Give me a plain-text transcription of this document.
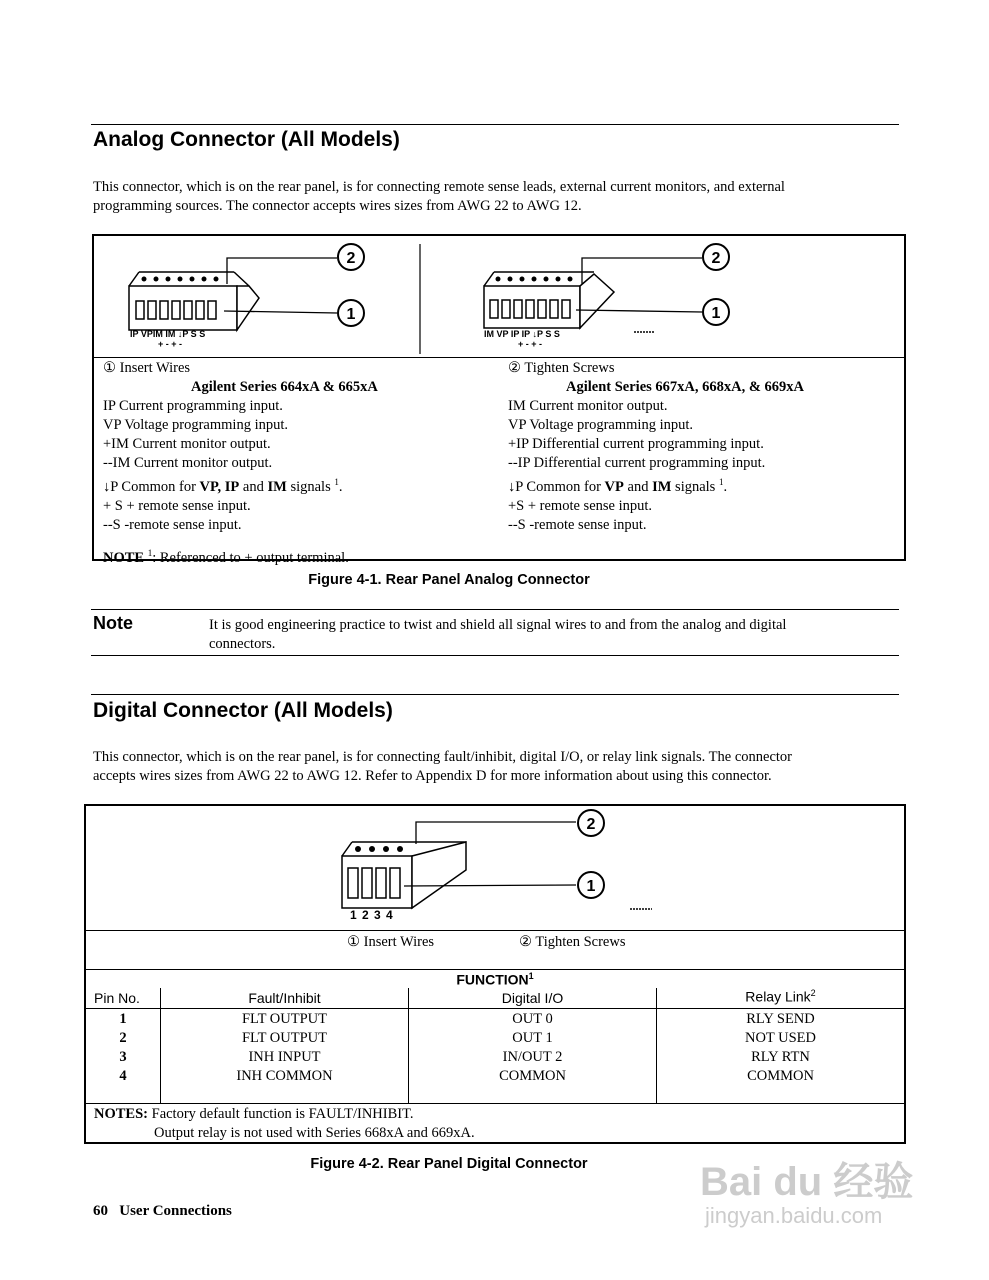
Analog Connector (All Models)
This connector, which is on the rear panel, is for connecting remote sense leads, external current monitors, and external
programming sources. The connector accepts wires sizes from AWG 22 to AWG 12.
2
1
IP VPIM IM ↓P S S
+ - + -
2
1
IM VP IP IP ↓P S S
+ - + -
① Insert Wires
Agilent Series 664xA & 665xA
IP Current programming input.
VP Voltage programming input.
+IM Current monitor output.
--IM Current monitor output.
↓P Common for VP, IP and IM signals $^1$.
+ S + remote sense input.
--S -remote sense input.
NOTE $^1$: Referenced to + output terminal.
② Tighten Screws
Agilent Series 667xA, 668xA, & 669xA
IM Current monitor output.
VP Voltage programming input.
+IP Differential current programming input.
--IP Differential current programming input.
↓P Common for VP and IM signals $^1$.
+S + remote sense input.
--S -remote sense input.
Figure 4-1. Rear Panel Analog Connector
Note	It is good engineering practice to twist and shield all signal wires to and from the analog and digital
connectors.
Digital Connector (All Models)
This connector, which is on the rear panel, is for connecting fault/inhibit, digital I/O, or relay link signals. The connector
accepts wires sizes from AWG 22 to AWG 12. Refer to Appendix D for more information about using this connector.
2
1
1 2 3 4
① Insert Wires	② Tighten Screws
FUNCTION$^1$
Pin No.	Fault/Inhibit	Digital I/O	Relay Link$^2$
1	FLT OUTPUT	OUT 0	RLY SEND
2	FLT OUTPUT	OUT 1	NOT USED
3	INH INPUT	IN/OUT 2	RLY RTN
4	INH COMMON	COMMON	COMMON
NOTES: Factory default function is FAULT/INHIBIT.
Output relay is not used with Series 668xA and 669xA.
Figure 4-2. Rear Panel Digital Connector
60 User Connections
Bai du 经验
jingyan.baidu.com
